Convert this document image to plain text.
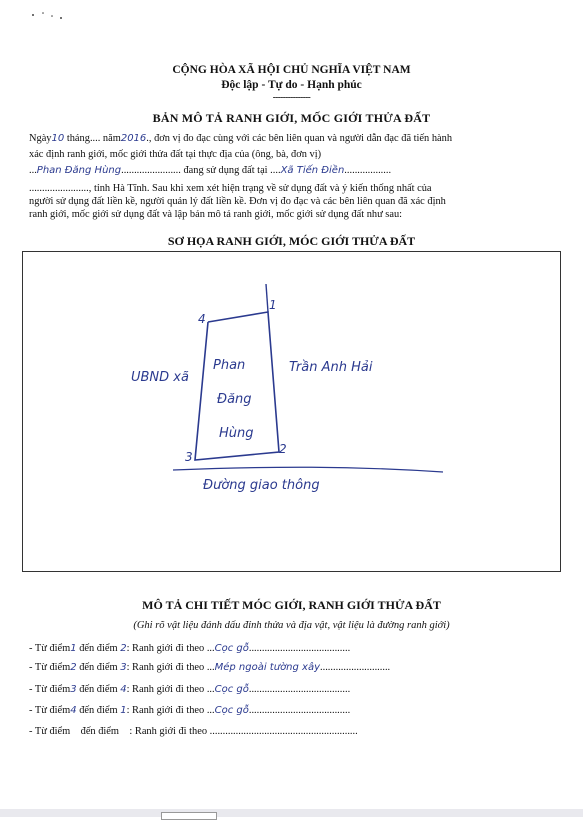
CỘNG HÒA XÃ HỘI CHỦ NGHĨA VIỆT NAM
Độc lập - Tự do - Hạnh phúc
---------------
BẢN MÔ TẢ RANH GIỚI, MỐC GIỚI THỬA ĐẤT
Ngày10 tháng.... năm2016., đơn vị đo đạc cùng với các bên liên quan và người dẫn đạc đã tiến hành
xác định ranh giới, mốc giới thửa đất tại thực địa của (ông, bà, đơn vị)
...Phan Đăng Hùng....................... đang sử dụng đất tại ....Xã Tiến Điền..................
......................., tỉnh Hà Tĩnh. Sau khi xem xét hiện trạng về sử dụng đất và ý kiến thống nhất của
người sử dụng đất liền kề, người quản lý đất liền kề. Đơn vị đo đạc và các bên liên quan đã xác định
ranh giới, mốc giới sử dụng đất và lập bản mô tả ranh giới, mốc giới sử dụng đất như sau:
SƠ HỌA RANH GIỚI, MÓC GIỚI THỬA ĐẤT
1
2
3
4
UBND xã
Trần Anh Hải
Phan
Đăng
Hùng
Đường giao thông
MÔ TẢ CHI TIẾT MÓC GIỚI, RANH GIỚI THỬA ĐẤT
(Ghi rõ vật liệu đánh dấu đỉnh thửa và địa vật, vật liệu là đường ranh giới)
- Từ điểm1 đến điểm 2: Ranh giới đi theo ...Cọc gỗ.......................................
- Từ điểm2 đến điểm 3: Ranh giới đi theo ...Mép ngoài tường xây...........................
- Từ điểm3 đến điểm 4: Ranh giới đi theo ...Cọc gỗ.......................................
- Từ điểm4 đến điểm 1: Ranh giới đi theo ...Cọc gỗ.......................................
- Từ điểm    đến điểm    : Ranh giới đi theo .........................................................
